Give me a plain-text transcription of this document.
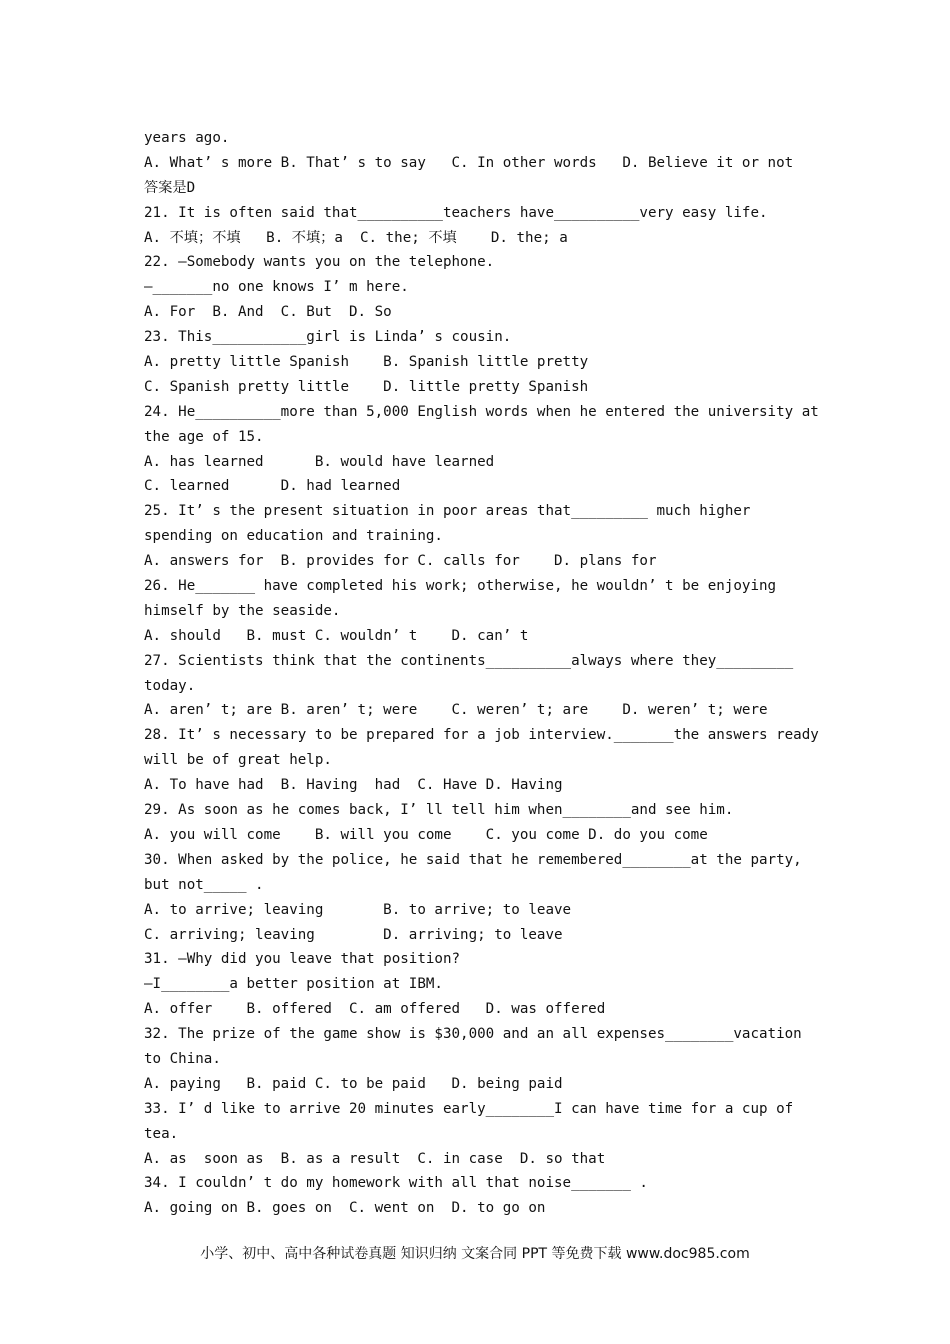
years ago.
A. What’ s more B. That’ s to say   C. In other words   D. Believe it or not
答案是D
21. It is often said that__________teachers have__________very easy life.
A. 不填；不填   B. 不填；a  C. the; 不填    D. the; a
22. —Somebody wants you on the telephone.
—_______no one knows I’ m here.
A. For  B. And  C. But  D. So
23. This___________girl is Linda’ s cousin.
A. pretty little Spanish    B. Spanish little pretty
C. Spanish pretty little    D. little pretty Spanish
24. He__________more than 5,000 English words when he entered the university at
the age of 15.
A. has learned      B. would have learned
C. learned      D. had learned
25. It’ s the present situation in poor areas that_________ much higher
spending on education and training.
A. answers for  B. provides for C. calls for    D. plans for
26. He_______ have completed his work; otherwise, he wouldn’ t be enjoying
himself by the seaside.
A. should   B. must C. wouldn’ t    D. can’ t
27. Scientists think that the continents__________always where they_________
today.
A. aren’ t; are B. aren’ t; were    C. weren’ t; are    D. weren’ t; were
28. It’ s necessary to be prepared for a job interview._______the answers ready
will be of great help.
A. To have had  B. Having  had  C. Have D. Having
29. As soon as he comes back, I’ ll tell him when________and see him.
A. you will come    B. will you come    C. you come D. do you come
30. When asked by the police, he said that he remembered________at the party,
but not_____ .
A. to arrive; leaving       B. to arrive; to leave
C. arriving; leaving        D. arriving; to leave
31. —Why did you leave that position?
—I________a better position at IBM.
A. offer    B. offered  C. am offered   D. was offered
32. The prize of the game show is $30,000 and an all expenses________vacation
to China.
A. paying   B. paid C. to be paid   D. being paid
33. I’ d like to arrive 20 minutes early________I can have time for a cup of
tea.
A. as  soon as  B. as a result  C. in case  D. so that
34. I couldn’ t do my homework with all that noise_______ .
A. going on B. goes on  C. went on  D. to go on
小学、初中、高中各种试卷真题 知识归纳 文案合同 PPT 等免费下载 www.doc985.com
